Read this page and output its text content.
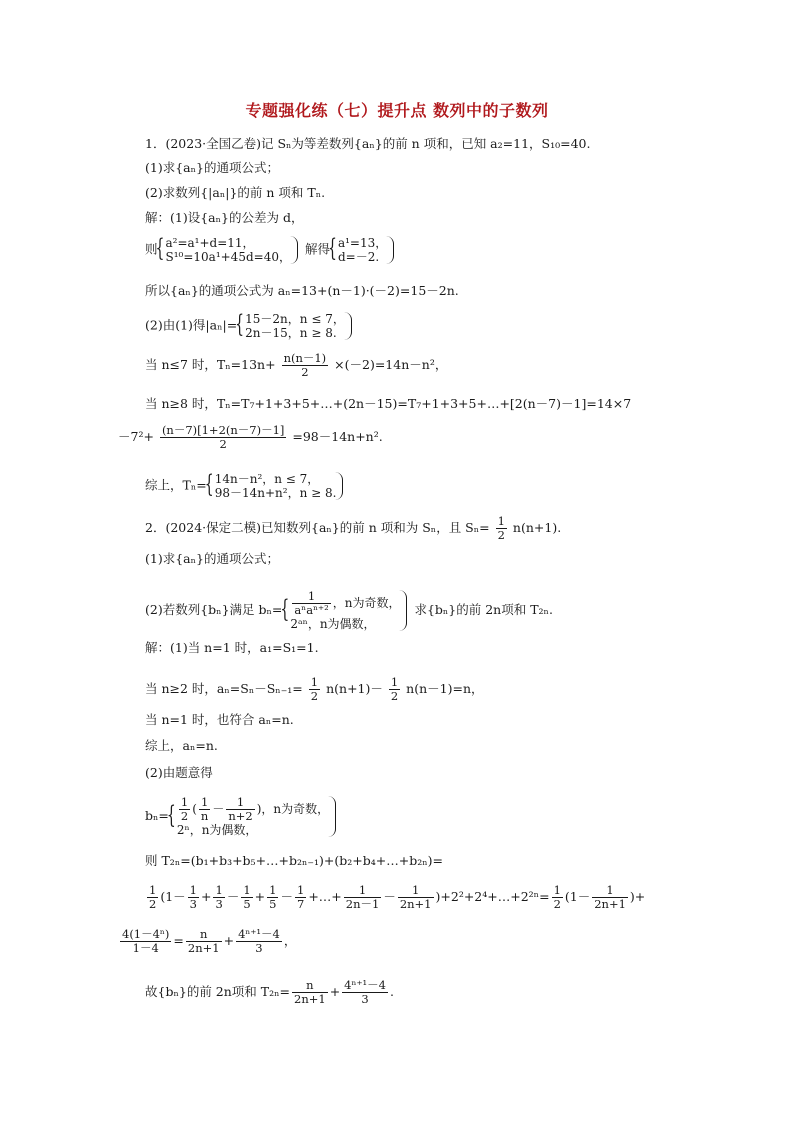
专题强化练（七）提升点 数列中的子数列
1．(2023·全国乙卷)记 Sₙ为等差数列{aₙ}的前 n 项和，已知 a₂=11，S₁₀=40.
(1)求{aₙ}的通项公式；
(2)求数列{|aₙ|}的前 n 项和 Tₙ.
解：(1)设{aₙ}的公差为 d，
则 { a²=a¹+d=11，
S¹⁰=10a¹+45d=40，
解得 { a¹=13，
d=－2.
所以{aₙ}的通项公式为 aₙ=13+(n－1)·(－2)=15－2n.
(2)由(1)得|aₙ|= { 15－2n，n ≤ 7，
2n－15，n ≥ 8.
当 n≤7 时，$T_n=13n+ \frac{n(n-1)}{2} \times(-2)=14n-n^2$，
当 n≥8 时，Tₙ=T₇+1+3+5+…+(2n－15)=T₇+1+3+5+…+[2(n－7)－1]=14×7
$-7^2+ \frac{(n-7)[1+2(n-7)-1]}{2} =98-14n+n^2$.
综上，Tₙ= { 14n－n²，n ≤ 7，
98－14n+n²，n ≥ 8.
2．(2024·保定二模)已知数列{aₙ}的前 n 项和为 Sₙ，且 $S_n= \frac{1}{2} n(n+1)$.
(1)求{aₙ}的通项公式；
(2)若数列{bₙ}满足 bₙ= { $\frac{1}{\text{aⁿaⁿ⁺²}}$ ，n为奇数，
2ᵃⁿ，n为偶数，
求{bₙ}的前 2n项和 T₂ₙ.
解：(1)当 n=1 时，a₁=S₁=1.
当 n≥2 时，$a_n=S_n-S_{n-1}= \frac{1}{2} n(n+1)- \frac{1}{2} n(n-1)=n$，
当 n=1 时，也符合 aₙ=n.
综上，aₙ=n.
(2)由题意得
bₙ= { $\frac{1}{2}$ ( $\frac{1}{n} - \frac{1}{n+2}$ )，n为奇数，
2ⁿ，n为偶数，
则 T₂ₙ=(b₁+b₃+b₅+…+b₂ₙ₋₁)+(b₂+b₄+…+b₂ₙ)=
$\frac{1}{2} (1- \frac{1}{3} + \frac{1}{3} - \frac{1}{5} + \frac{1}{5} - \frac{1}{7}$ +…+ $\frac{1}{2n-1} - \frac{1}{2n+1}$ )+2²+2⁴+…+2²ⁿ= $\frac{1}{2} (1- \frac{1}{2n+1}$ )+
$\frac{\text{4(1－4ⁿ)}}{1-4} = \frac{n}{2n+1} + \frac{\text{4ⁿ⁺¹－4}}{3}$ ，
故{bₙ}的前 2n项和 $T_{2n}= \frac{n}{2n+1} + \frac{\text{4ⁿ⁺¹－4}}{3}$ .
